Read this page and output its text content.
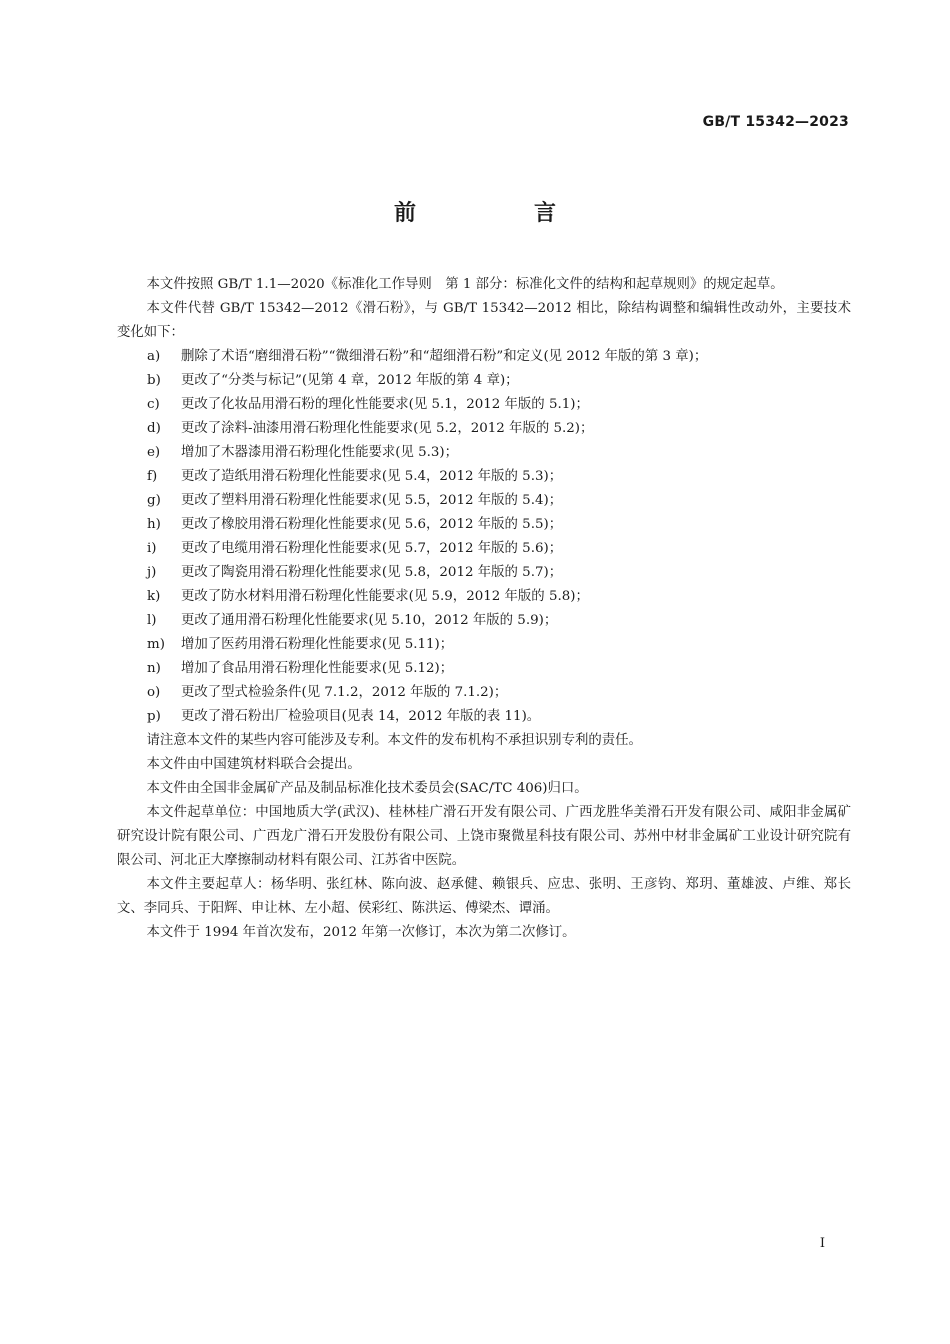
GB/T 15342—2023
前　言

本文件按照 GB/T 1.1—2020《标准化工作导则　第 1 部分：标准化文件的结构和起草规则》的规定起草。

本文件代替 GB/T 15342—2012《滑石粉》，与 GB/T 15342—2012 相比，除结构调整和编辑性改动外，主要技术变化如下：

a)	删除了术语“磨细滑石粉”“微细滑石粉”和“超细滑石粉”和定义(见 2012 年版的第 3 章)；
b)	更改了“分类与标记”(见第 4 章，2012 年版的第 4 章)；
c)	更改了化妆品用滑石粉的理化性能要求(见 5.1，2012 年版的 5.1)；
d)	更改了涂料-油漆用滑石粉理化性能要求(见 5.2，2012 年版的 5.2)；
e)	增加了木器漆用滑石粉理化性能要求(见 5.3)；
f)	更改了造纸用滑石粉理化性能要求(见 5.4，2012 年版的 5.3)；
g)	更改了塑料用滑石粉理化性能要求(见 5.5，2012 年版的 5.4)；
h)	更改了橡胶用滑石粉理化性能要求(见 5.6，2012 年版的 5.5)；
i)	更改了电缆用滑石粉理化性能要求(见 5.7，2012 年版的 5.6)；
j)	更改了陶瓷用滑石粉理化性能要求(见 5.8，2012 年版的 5.7)；
k)	更改了防水材料用滑石粉理化性能要求(见 5.9，2012 年版的 5.8)；
l)	更改了通用滑石粉理化性能要求(见 5.10，2012 年版的 5.9)；
m)	增加了医药用滑石粉理化性能要求(见 5.11)；
n)	增加了食品用滑石粉理化性能要求(见 5.12)；
o)	更改了型式检验条件(见 7.1.2，2012 年版的 7.1.2)；
p)	更改了滑石粉出厂检验项目(见表 14，2012 年版的表 11)。

请注意本文件的某些内容可能涉及专利。本文件的发布机构不承担识别专利的责任。

本文件由中国建筑材料联合会提出。

本文件由全国非金属矿产品及制品标准化技术委员会(SAC/TC 406)归口。

本文件起草单位：中国地质大学(武汉)、桂林桂广滑石开发有限公司、广西龙胜华美滑石开发有限公司、咸阳非金属矿研究设计院有限公司、广西龙广滑石开发股份有限公司、上饶市聚微星科技有限公司、苏州中材非金属矿工业设计研究院有限公司、河北正大摩擦制动材料有限公司、江苏省中医院。

本文件主要起草人：杨华明、张红林、陈向波、赵承健、赖银兵、应忠、张明、王彦钧、郑玥、董雄波、卢维、郑长文、李同兵、于阳辉、申让林、左小超、侯彩红、陈洪运、傅梁杰、谭涌。

本文件于 1994 年首次发布，2012 年第一次修订，本次为第二次修订。

I
